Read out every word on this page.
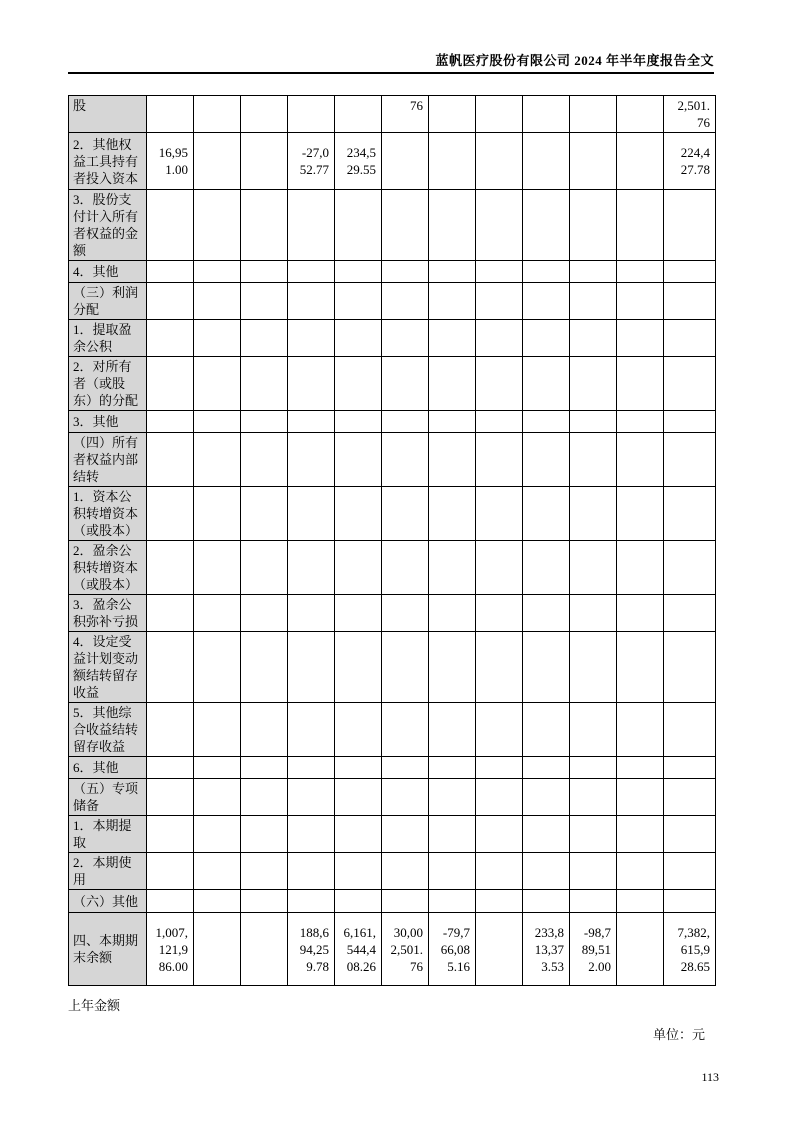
蓝帆医疗股份有限公司 2024 年半年度报告全文
股						76						2,501.76
2．其他权益工具持有者投入资本	16,951.00			-27,052.77	234,529.55							224,427.78
3．股份支付计入所有者权益的金额												
4．其他												
（三）利润分配												
1．提取盈余公积												
2．对所有者（或股东）的分配												
3．其他												
（四）所有者权益内部结转												
1．资本公积转增资本（或股本）												
2．盈余公积转增资本（或股本）												
3．盈余公积弥补亏损												
4．设定受益计划变动额结转留存收益												
5．其他综合收益结转留存收益												
6．其他												
（五）专项储备												
1．本期提取												
2．本期使用												
（六）其他												
四、本期期末余额	1,007,121,986.00			188,694,259.78	6,161,544,408.26	30,002,501.76	-79,766,085.16		233,813,373.53	-98,789,512.00		7,382,615,928.65
上年金额
单位：元
113
